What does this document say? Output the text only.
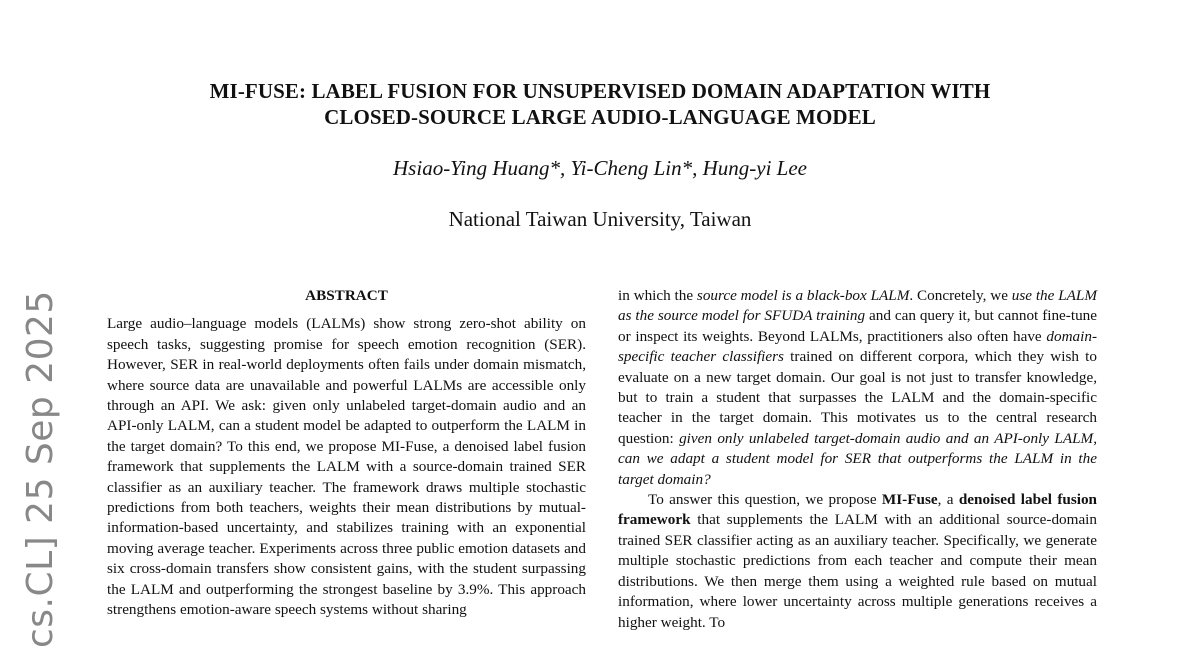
cs.CL] 25 Sep 2025
MI-FUSE: LABEL FUSION FOR UNSUPERVISED DOMAIN ADAPTATION WITH
CLOSED-SOURCE LARGE AUDIO-LANGUAGE MODEL
Hsiao-Ying Huang*, Yi-Cheng Lin*, Hung-yi Lee
National Taiwan University, Taiwan
ABSTRACT

Large audio–language models (LALMs) show strong zero-shot ability on speech tasks, suggesting promise for speech emotion recognition (SER). However, SER in real-world deployments often fails under domain mismatch, where source data are unavailable and powerful LALMs are accessible only through an API. We ask: given only unlabeled target-domain audio and an API-only LALM, can a student model be adapted to outperform the LALM in the target domain? To this end, we propose MI-Fuse, a denoised label fusion framework that supplements the LALM with a source-domain trained SER classifier as an auxiliary teacher. The framework draws multiple stochastic predictions from both teachers, weights their mean distributions by mutual-information-based uncertainty, and stabilizes training with an exponential moving average teacher. Experiments across three public emotion datasets and six cross-domain transfers show consistent gains, with the student surpassing the LALM and outperforming the strongest baseline by 3.9%. This approach strengthens emotion-aware speech systems without sharing

in which the source model is a black-box LALM. Concretely, we use the LALM as the source model for SFUDA training and can query it, but cannot fine-tune or inspect its weights. Beyond LALMs, practitioners also often have domain-specific teacher classifiers trained on different corpora, which they wish to evaluate on a new target domain. Our goal is not just to transfer knowledge, but to train a student that surpasses the LALM and the domain-specific teacher in the target domain. This motivates us to the central research question: given only unlabeled target-domain audio and an API-only LALM, can we adapt a student model for SER that outperforms the LALM in the target domain?

To answer this question, we propose MI-Fuse, a denoised label fusion framework that supplements the LALM with an additional source-domain trained SER classifier acting as an auxiliary teacher. Specifically, we generate multiple stochastic predictions from each teacher and compute their mean distributions. We then merge them using a weighted rule based on mutual information, where lower uncertainty across multiple generations receives a higher weight. To
